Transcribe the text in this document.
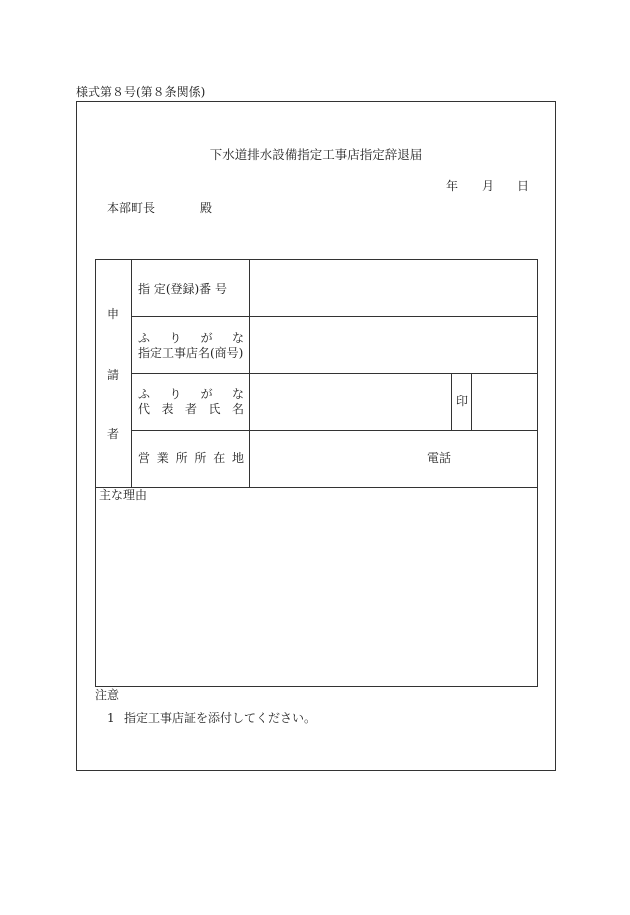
様式第８号(第８条関係)
下水道排水設備指定工事店指定辞退届
年 月 日
本部町長	殿
申
請
者
指 定(登録)番 号
ふ り が な
指定工事店名(商号)
ふ り が な
代 表 者 氏 名
印
営 業 所 所 在 地	電話
主な理由
注意
1 指定工事店証を添付してください。
